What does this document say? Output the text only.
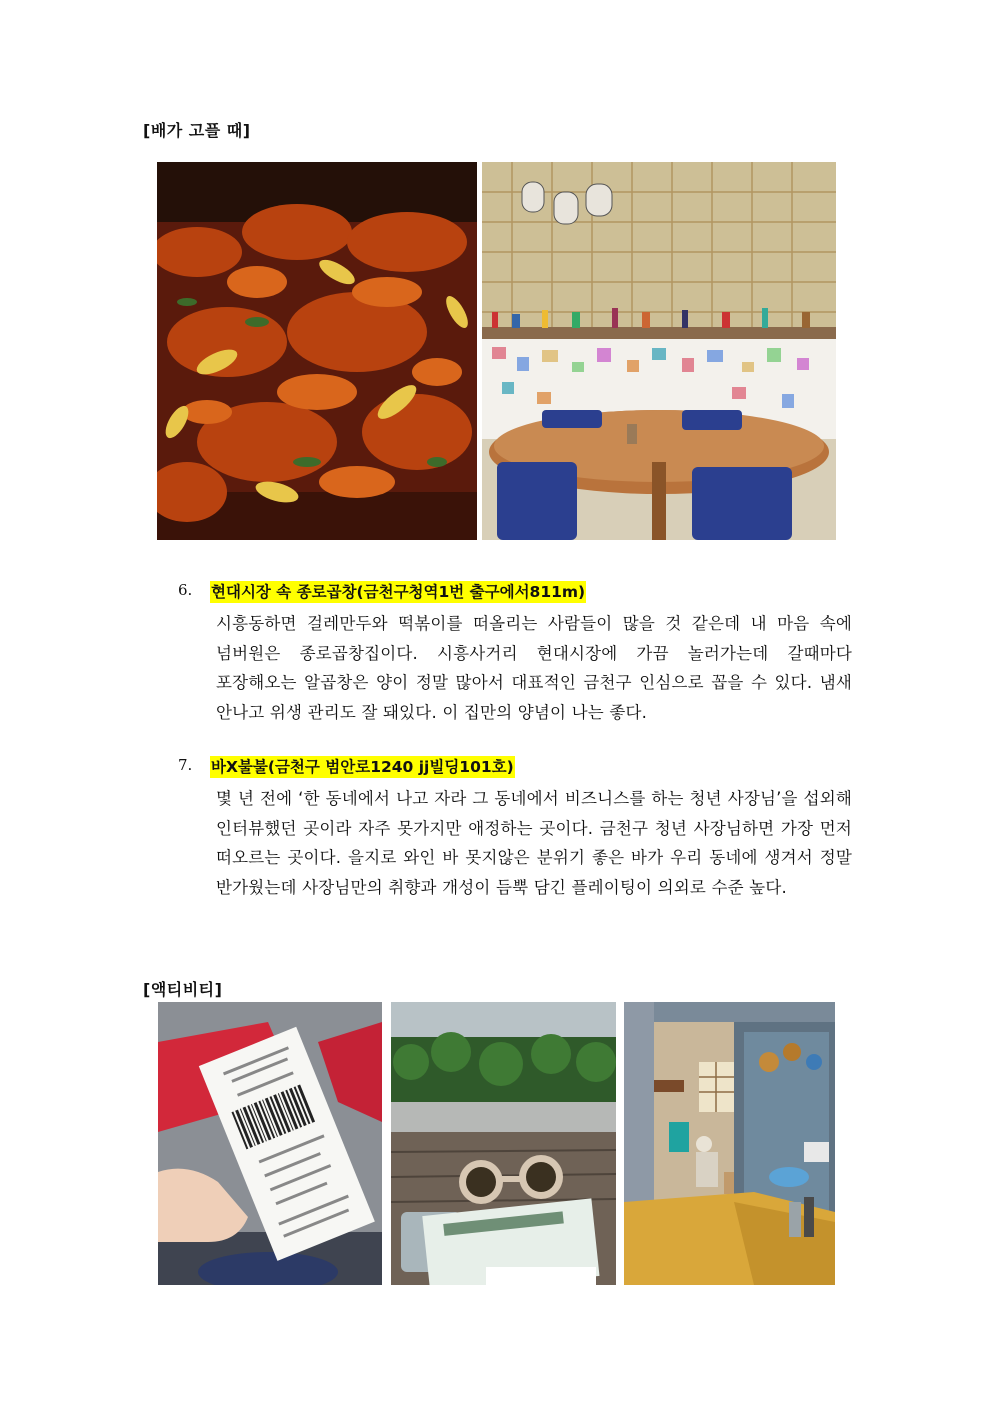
[배가 고플 때]
6. 현대시장 속 종로곱창(금천구청역1번 출구에서811m)
시흥동하면 걸레만두와 떡볶이를 떠올리는 사람들이 많을 것 같은데 내 마음 속에 넘버원은 종로곱창집이다. 시흥사거리 현대시장에 가끔 놀러가는데 갈때마다 포장해오는 알곱창은 양이 정말 많아서 대표적인 금천구 인심으로 꼽을 수 있다. 냄새 안나고 위생 관리도 잘 돼있다. 이 집만의 양념이 나는 좋다.
7. 바X불불(금천구 범안로1240 jj빌딩101호)
몇 년 전에 ‘한 동네에서 나고 자라 그 동네에서 비즈니스를 하는 청년 사장님’을 섭외해 인터뷰했던 곳이라 자주 못가지만 애정하는 곳이다. 금천구 청년 사장님하면 가장 먼저 떠오르는 곳이다. 을지로 와인 바 못지않은 분위기 좋은 바가 우리 동네에 생겨서 정말 반가웠는데 사장님만의 취향과 개성이 듬뿍 담긴 플레이팅이 의외로 수준 높다.
[액티비티]
